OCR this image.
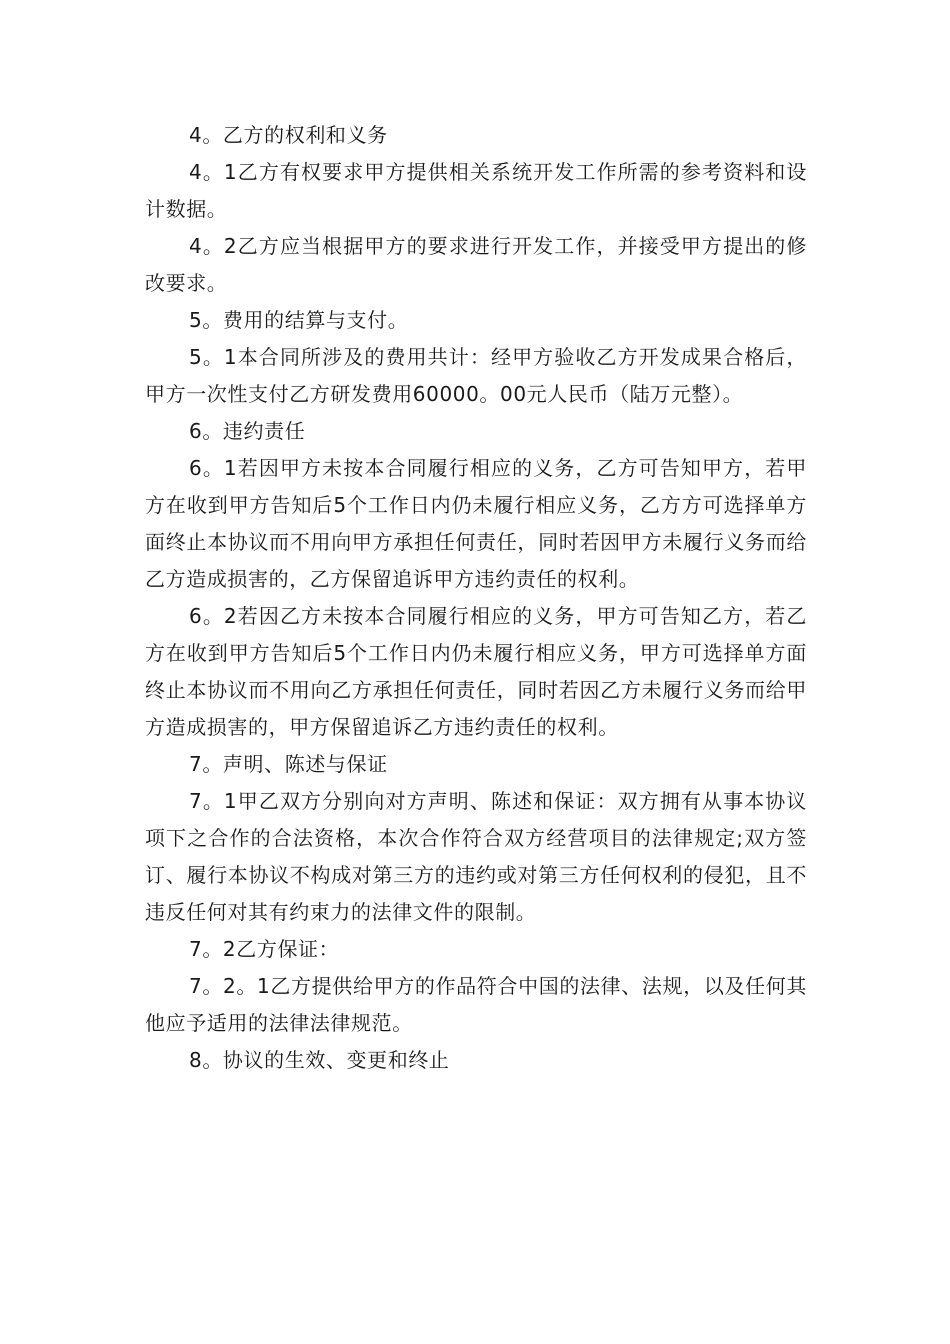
4。乙方的权利和义务

4。1乙方有权要求甲方提供相关系统开发工作所需的参考资料和设计数据。

4。2乙方应当根据甲方的要求进行开发工作，并接受甲方提出的修改要求。

5。费用的结算与支付。

5。1本合同所涉及的费用共计：经甲方验收乙方开发成果合格后，甲方一次性支付乙方研发费用60000。00元人民币（陆万元整）。

6。违约责任

6。1若因甲方未按本合同履行相应的义务，乙方可告知甲方，若甲方在收到甲方告知后5个工作日内仍未履行相应义务，乙方方可选择单方面终止本协议而不用向甲方承担任何责任，同时若因甲方未履行义务而给乙方造成损害的，乙方保留追诉甲方违约责任的权利。

6。2若因乙方未按本合同履行相应的义务，甲方可告知乙方，若乙方在收到甲方告知后5个工作日内仍未履行相应义务，甲方可选择单方面终止本协议而不用向乙方承担任何责任，同时若因乙方未履行义务而给甲方造成损害的，甲方保留追诉乙方违约责任的权利。

7。声明、陈述与保证

7。1甲乙双方分别向对方声明、陈述和保证：双方拥有从事本协议项下之合作的合法资格，本次合作符合双方经营项目的法律规定;双方签订、履行本协议不构成对第三方的违约或对第三方任何权利的侵犯，且不违反任何对其有约束力的法律文件的限制。

7。2乙方保证：

7。2。1乙方提供给甲方的作品符合中国的法律、法规，以及任何其他应予适用的法律法律规范。

8。协议的生效、变更和终止
